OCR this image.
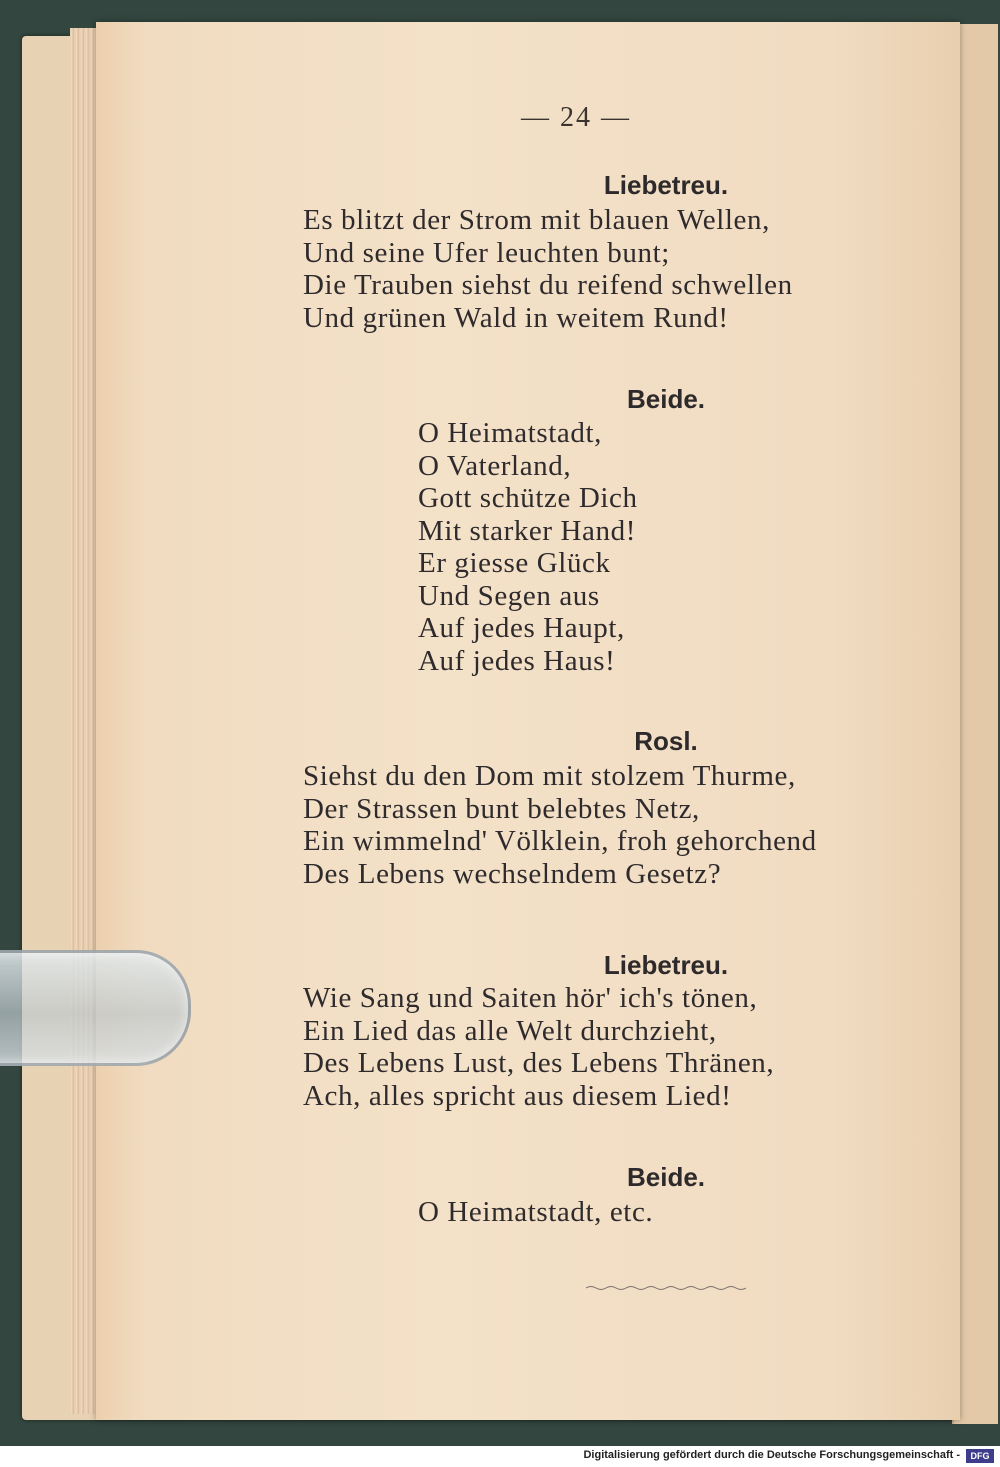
— 24 —
Liebetreu.
Es blitzt der Strom mit blauen Wellen,
Und seine Ufer leuchten bunt;
Die Trauben siehst du reifend schwellen
Und grünen Wald in weitem Rund!
Beide.
O Heimatstadt,
O Vaterland,
Gott schütze Dich
Mit starker Hand!
Er giesse Glück
Und Segen aus
Auf jedes Haupt,
Auf jedes Haus!
Rosl.
Siehst du den Dom mit stolzem Thurme,
Der Strassen bunt belebtes Netz,
Ein wimmelnd' Völklein, froh gehorchend
Des Lebens wechselndem Gesetz?
Liebetreu.
Wie Sang und Saiten hör' ich's tönen,
Ein Lied das alle Welt durchzieht,
Des Lebens Lust, des Lebens Thränen,
Ach, alles spricht aus diesem Lied!
Beide.
O Heimatstadt, etc.
Digitalisierung gefördert durch die Deutsche Forschungsgemeinschaft -	DFG
